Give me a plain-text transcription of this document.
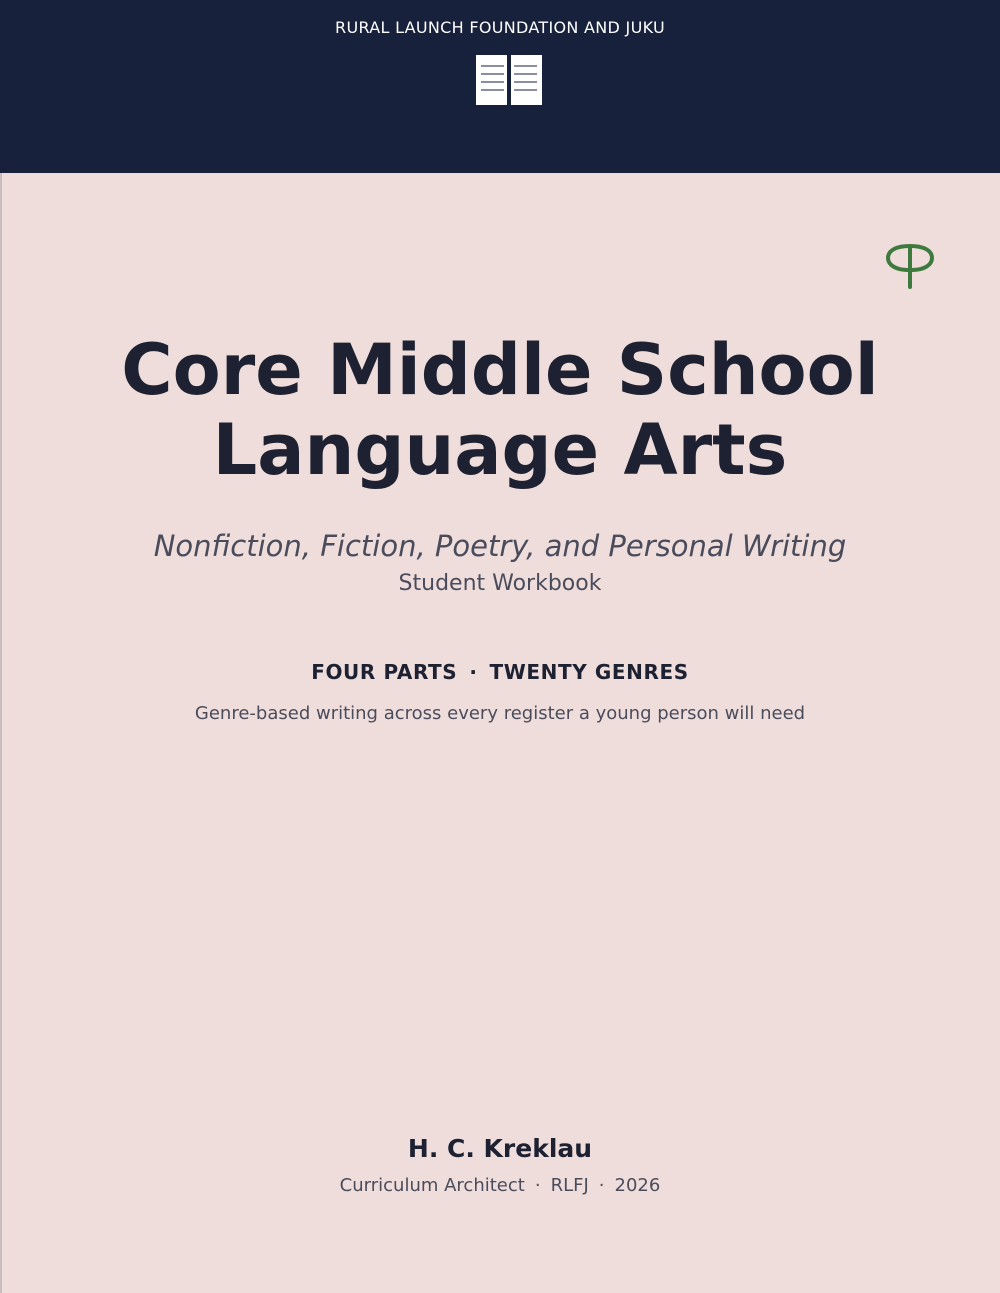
RURAL LAUNCH FOUNDATION AND JUKU
Core Middle School
Language Arts
Nonfiction, Fiction, Poetry, and Personal Writing
Student Workbook
FOUR PARTS · TWENTY GENRES
Genre-based writing across every register a young person will need
H. C. Kreklau
Curriculum Architect · RLFJ · 2026
